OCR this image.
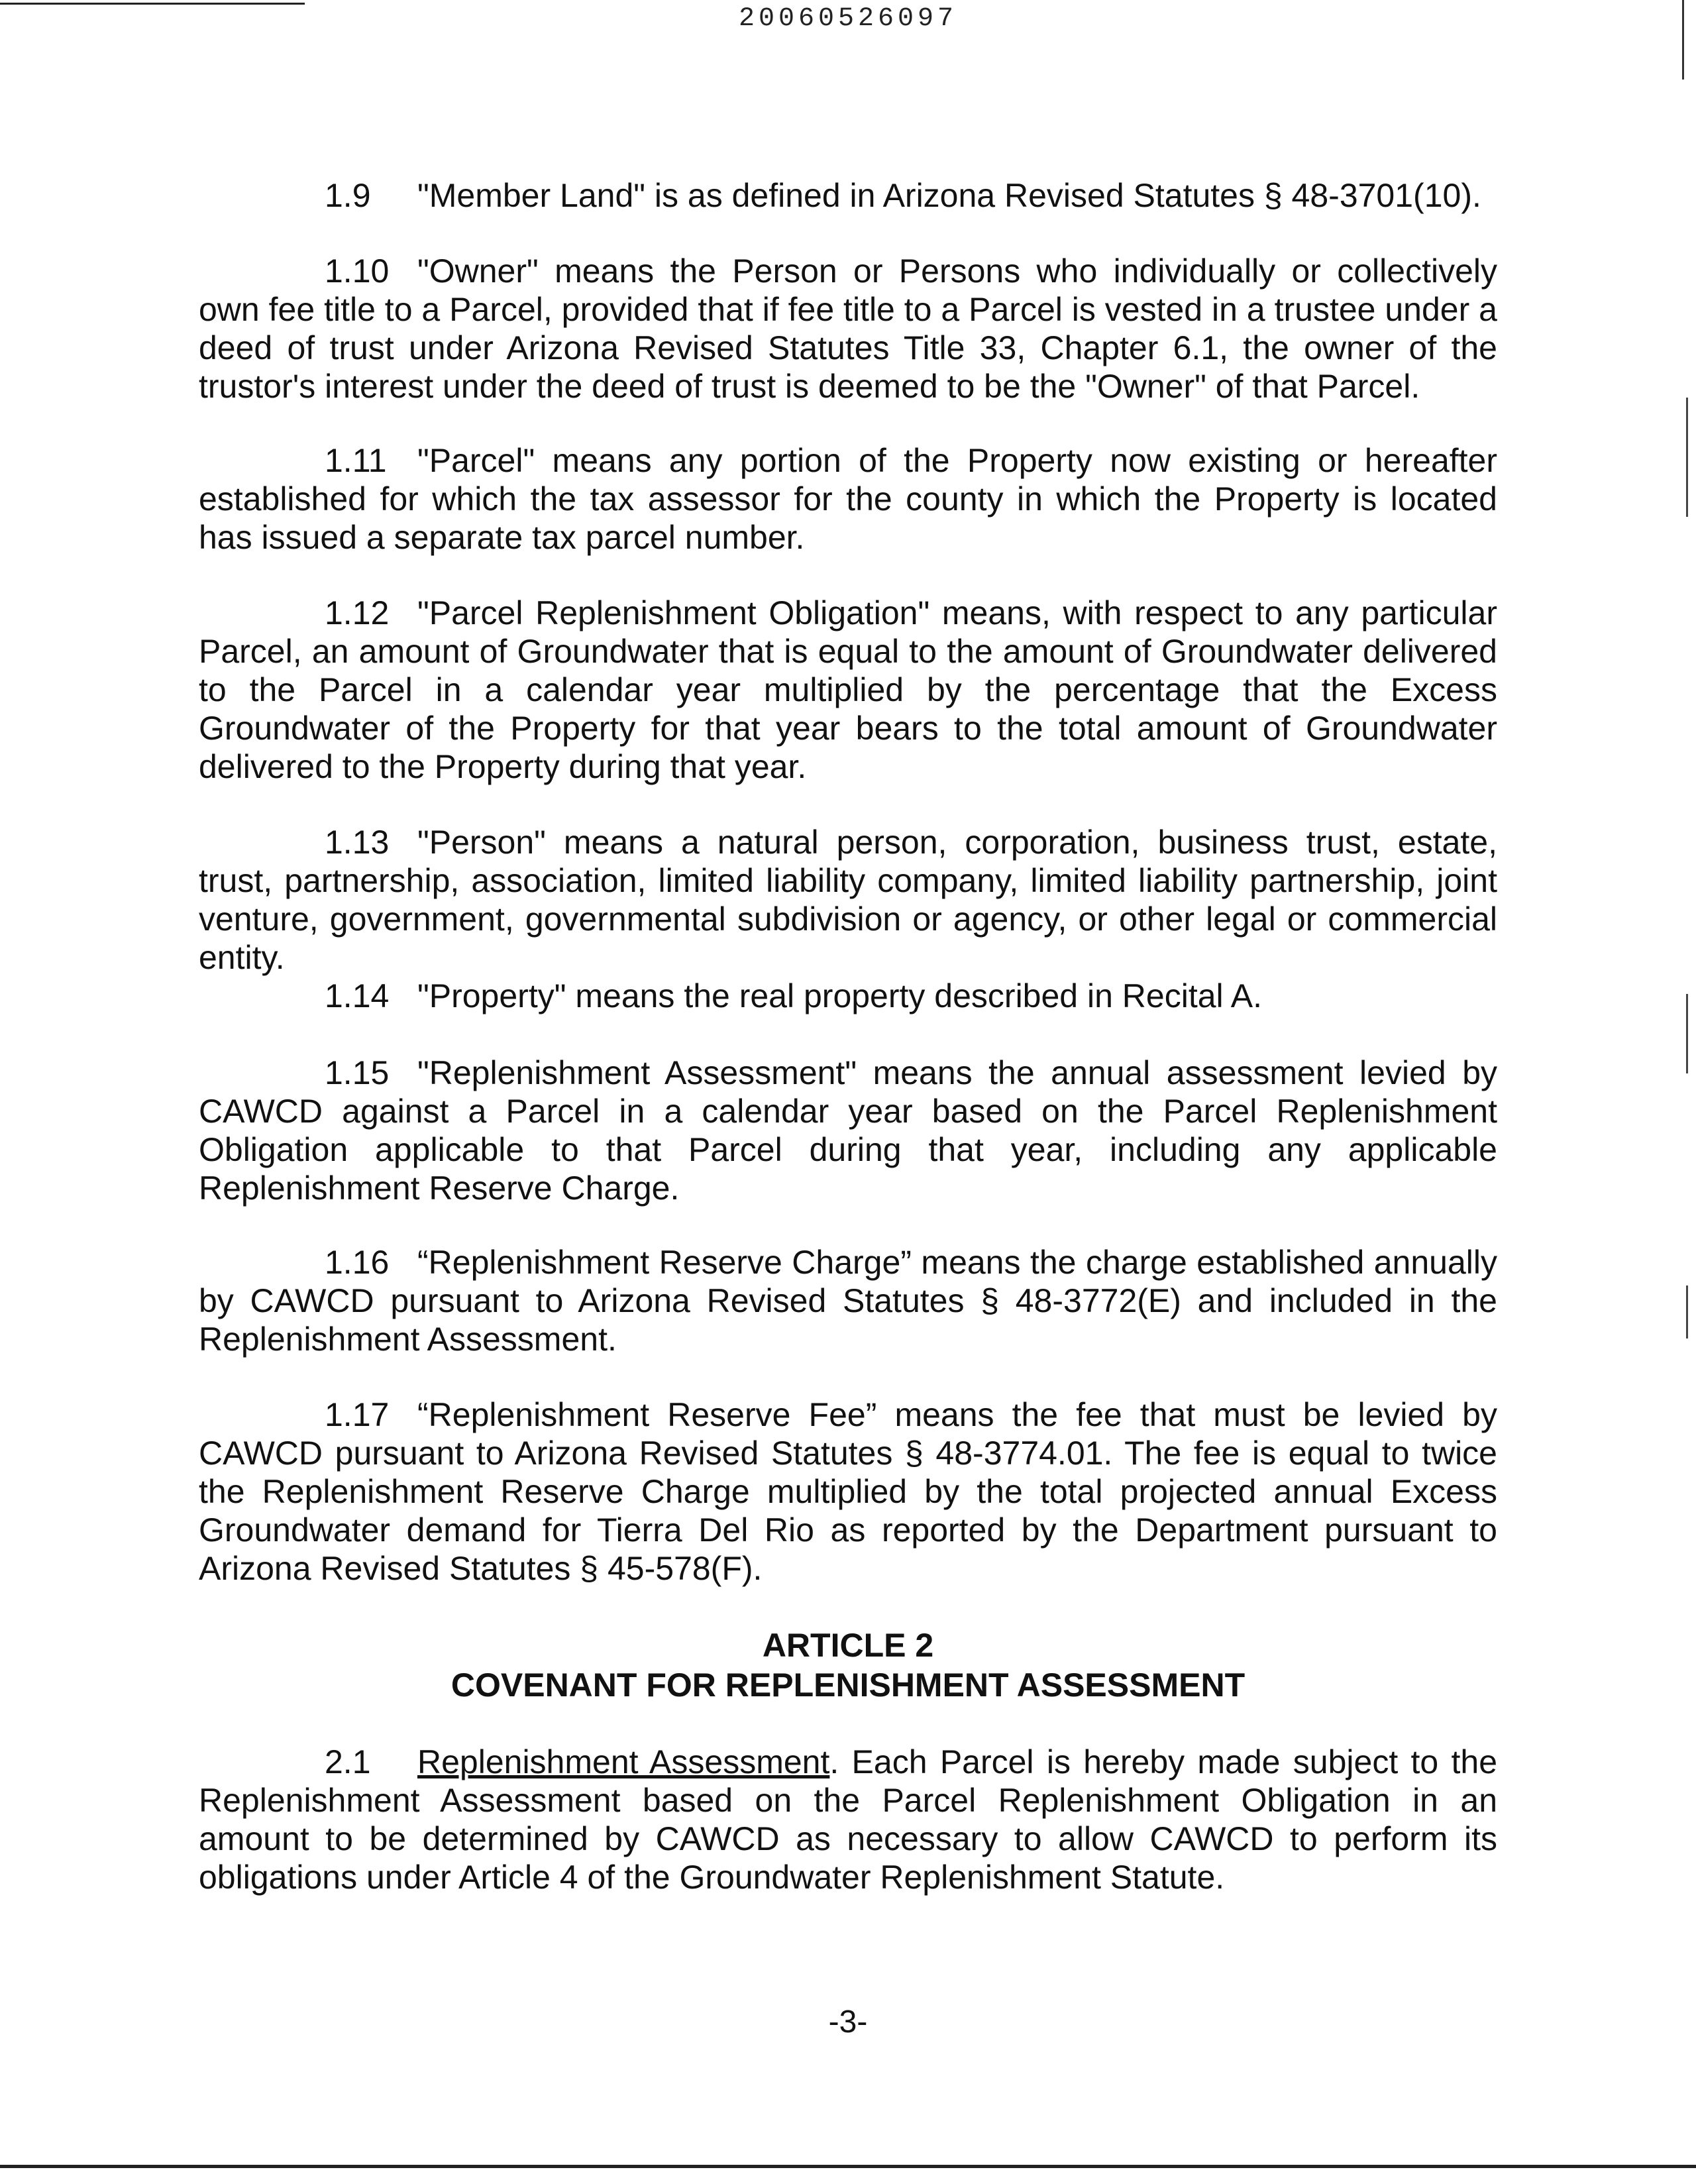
20060526097

1.9 "Member Land" is as defined in Arizona Revised Statutes § 48-3701(10).

1.10 "Owner" means the Person or Persons who individually or collectively own fee title to a Parcel, provided that if fee title to a Parcel is vested in a trustee under a deed of trust under Arizona Revised Statutes Title 33, Chapter 6.1, the owner of the trustor's interest under the deed of trust is deemed to be the "Owner" of that Parcel.

1.11 "Parcel" means any portion of the Property now existing or hereafter established for which the tax assessor for the county in which the Property is located has issued a separate tax parcel number.

1.12 "Parcel Replenishment Obligation" means, with respect to any particular Parcel, an amount of Groundwater that is equal to the amount of Groundwater delivered to the Parcel in a calendar year multiplied by the percentage that the Excess Groundwater of the Property for that year bears to the total amount of Groundwater delivered to the Property during that year.

1.13 "Person" means a natural person, corporation, business trust, estate, trust, partnership, association, limited liability company, limited liability partnership, joint venture, government, governmental subdivision or agency, or other legal or commercial entity.

1.14 "Property" means the real property described in Recital A.

1.15 "Replenishment Assessment" means the annual assessment levied by CAWCD against a Parcel in a calendar year based on the Parcel Replenishment Obligation applicable to that Parcel during that year, including any applicable Replenishment Reserve Charge.

1.16 “Replenishment Reserve Charge” means the charge established annually by CAWCD pursuant to Arizona Revised Statutes § 48-3772(E) and included in the Replenishment Assessment.

1.17 “Replenishment Reserve Fee” means the fee that must be levied by CAWCD pursuant to Arizona Revised Statutes § 48-3774.01. The fee is equal to twice the Replenishment Reserve Charge multiplied by the total projected annual Excess Groundwater demand for Tierra Del Rio as reported by the Department pursuant to Arizona Revised Statutes § 45-578(F).

ARTICLE 2
COVENANT FOR REPLENISHMENT ASSESSMENT

2.1 Replenishment Assessment. Each Parcel is hereby made subject to the Replenishment Assessment based on the Parcel Replenishment Obligation in an amount to be determined by CAWCD as necessary to allow CAWCD to perform its obligations under Article 4 of the Groundwater Replenishment Statute.

-3-
